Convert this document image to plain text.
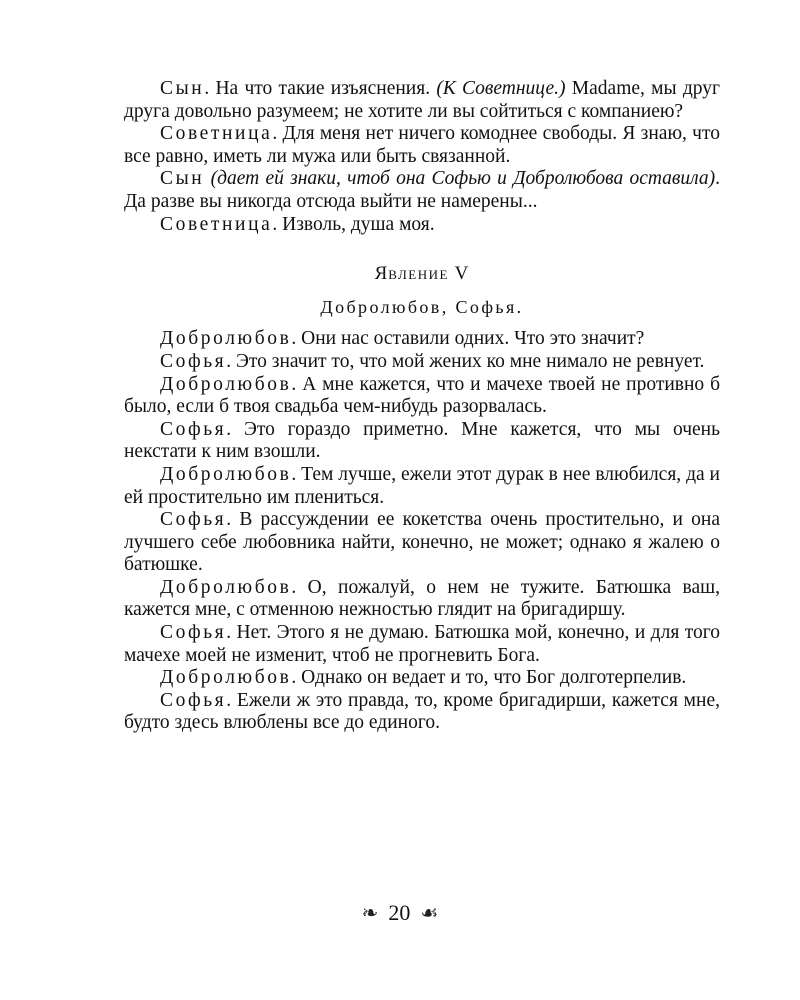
Сын. На что такие изъяснения. (К Советнице.) Madame, мы друг друга довольно разумеем; не хотите ли вы сойтиться с компаниею?

Советница. Для меня нет ничего комоднее свободы. Я знаю, что все равно, иметь ли мужа или быть связанной.

Сын (дает ей знаки, чтоб она Софью и Добролюбова оставила). Да разве вы никогда отсюда выйти не намерены...

Советница. Изволь, душа моя.

Явление V
Добролюбов, Софья.

Добролюбов. Они нас оставили одних. Что это значит?

Софья. Это значит то, что мой жених ко мне нимало не ревнует.

Добролюбов. А мне кажется, что и мачехе твоей не противно б было, если б твоя свадьба чем-нибудь разорвалась.

Софья. Это гораздо приметно. Мне кажется, что мы очень некстати к ним взошли.

Добролюбов. Тем лучше, ежели этот дурак в нее влюбился, да и ей простительно им плениться.

Софья. В рассуждении ее кокетства очень простительно, и она лучшего себе любовника найти, конечно, не может; однако я жалею о батюшке.

Добролюбов. О, пожалуй, о нем не тужите. Батюшка ваш, кажется мне, с отменною нежностью глядит на бригадиршу.

Софья. Нет. Этого я не думаю. Батюшка мой, конечно, и для того мачехе моей не изменит, чтоб не прогневить Бога.

Добролюбов. Однако он ведает и то, что Бог долготерпелив.

Софья. Ежели ж это правда, то, кроме бригадирши, кажется мне, будто здесь влюблены все до единого.

❧ 20 ☙
